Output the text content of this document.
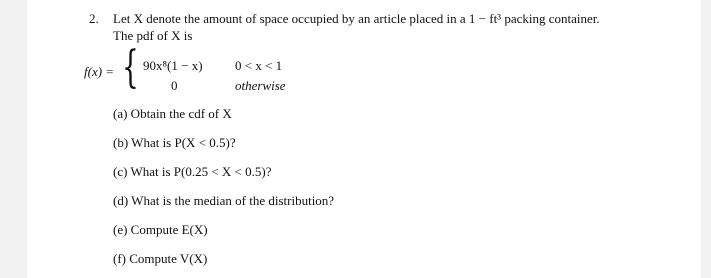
2. Let X denote the amount of space occupied by an article placed in a 1 − ft³ packing container.
The pdf of X is
f(x) = { 90x⁸(1 − x) 0 < x < 1
0	otherwise
(a) Obtain the cdf of X
(b) What is P(X < 0.5)?
(c) What is P(0.25 < X < 0.5)?
(d) What is the median of the distribution?
(e) Compute E(X)
(f) Compute V(X)
